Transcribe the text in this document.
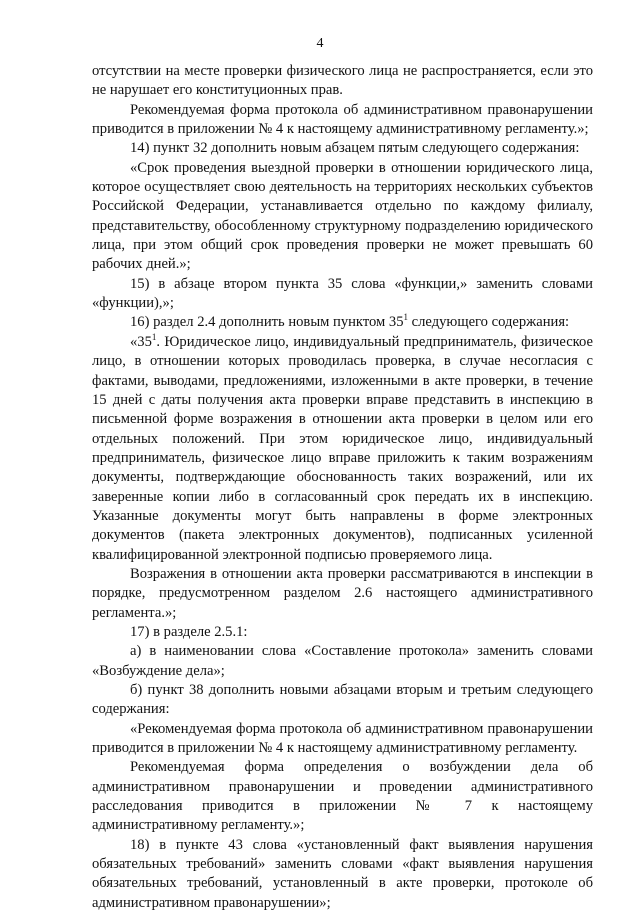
4

отсутствии на месте проверки физического лица не распространяется, если это не нарушает его конституционных прав.

Рекомендуемая форма протокола об административном правонарушении приводится в приложении № 4 к настоящему административному регламенту.»;

14) пункт 32 дополнить новым абзацем пятым следующего содержания:

«Срок проведения выездной проверки в отношении юридического лица, которое осуществляет свою деятельность на территориях нескольких субъектов Российской Федерации, устанавливается отдельно по каждому филиалу, представительству, обособленному структурному подразделению юридического лица, при этом общий срок проведения проверки не может превышать 60 рабочих дней.»;

15) в абзаце втором пункта 35 слова «функции,» заменить словами «функции),»;

16) раздел 2.4 дополнить новым пунктом $35^1$ следующего содержания:

«$35^1$. Юридическое лицо, индивидуальный предприниматель, физическое лицо, в отношении которых проводилась проверка, в случае несогласия с фактами, выводами, предложениями, изложенными в акте проверки, в течение 15 дней с даты получения акта проверки вправе представить в инспекцию в письменной форме возражения в отношении акта проверки в целом или его отдельных положений. При этом юридическое лицо, индивидуальный предприниматель, физическое лицо вправе приложить к таким возражениям документы, подтверждающие обоснованность таких возражений, или их заверенные копии либо в согласованный срок передать их в инспекцию. Указанные документы могут быть направлены в форме электронных документов (пакета электронных документов), подписанных усиленной квалифицированной электронной подписью проверяемого лица.

Возражения в отношении акта проверки рассматриваются в инспекции в порядке, предусмотренном разделом 2.6 настоящего административного регламента.»;

17) в разделе 2.5.1:

а) в наименовании слова «Составление протокола» заменить словами «Возбуждение дела»;

б) пункт 38 дополнить новыми абзацами вторым и третьим следующего содержания:

«Рекомендуемая форма протокола об административном правонарушении приводится в приложении № 4 к настоящему административному регламенту.

Рекомендуемая форма определения о возбуждении дела об административном правонарушении и проведении административного расследования приводится в приложении № 7 к настоящему административному регламенту.»;

18) в пункте 43 слова «установленный факт выявления нарушения обязательных требований» заменить словами «факт выявления нарушения обязательных требований, установленный в акте проверки, протоколе об административном правонарушении»;
